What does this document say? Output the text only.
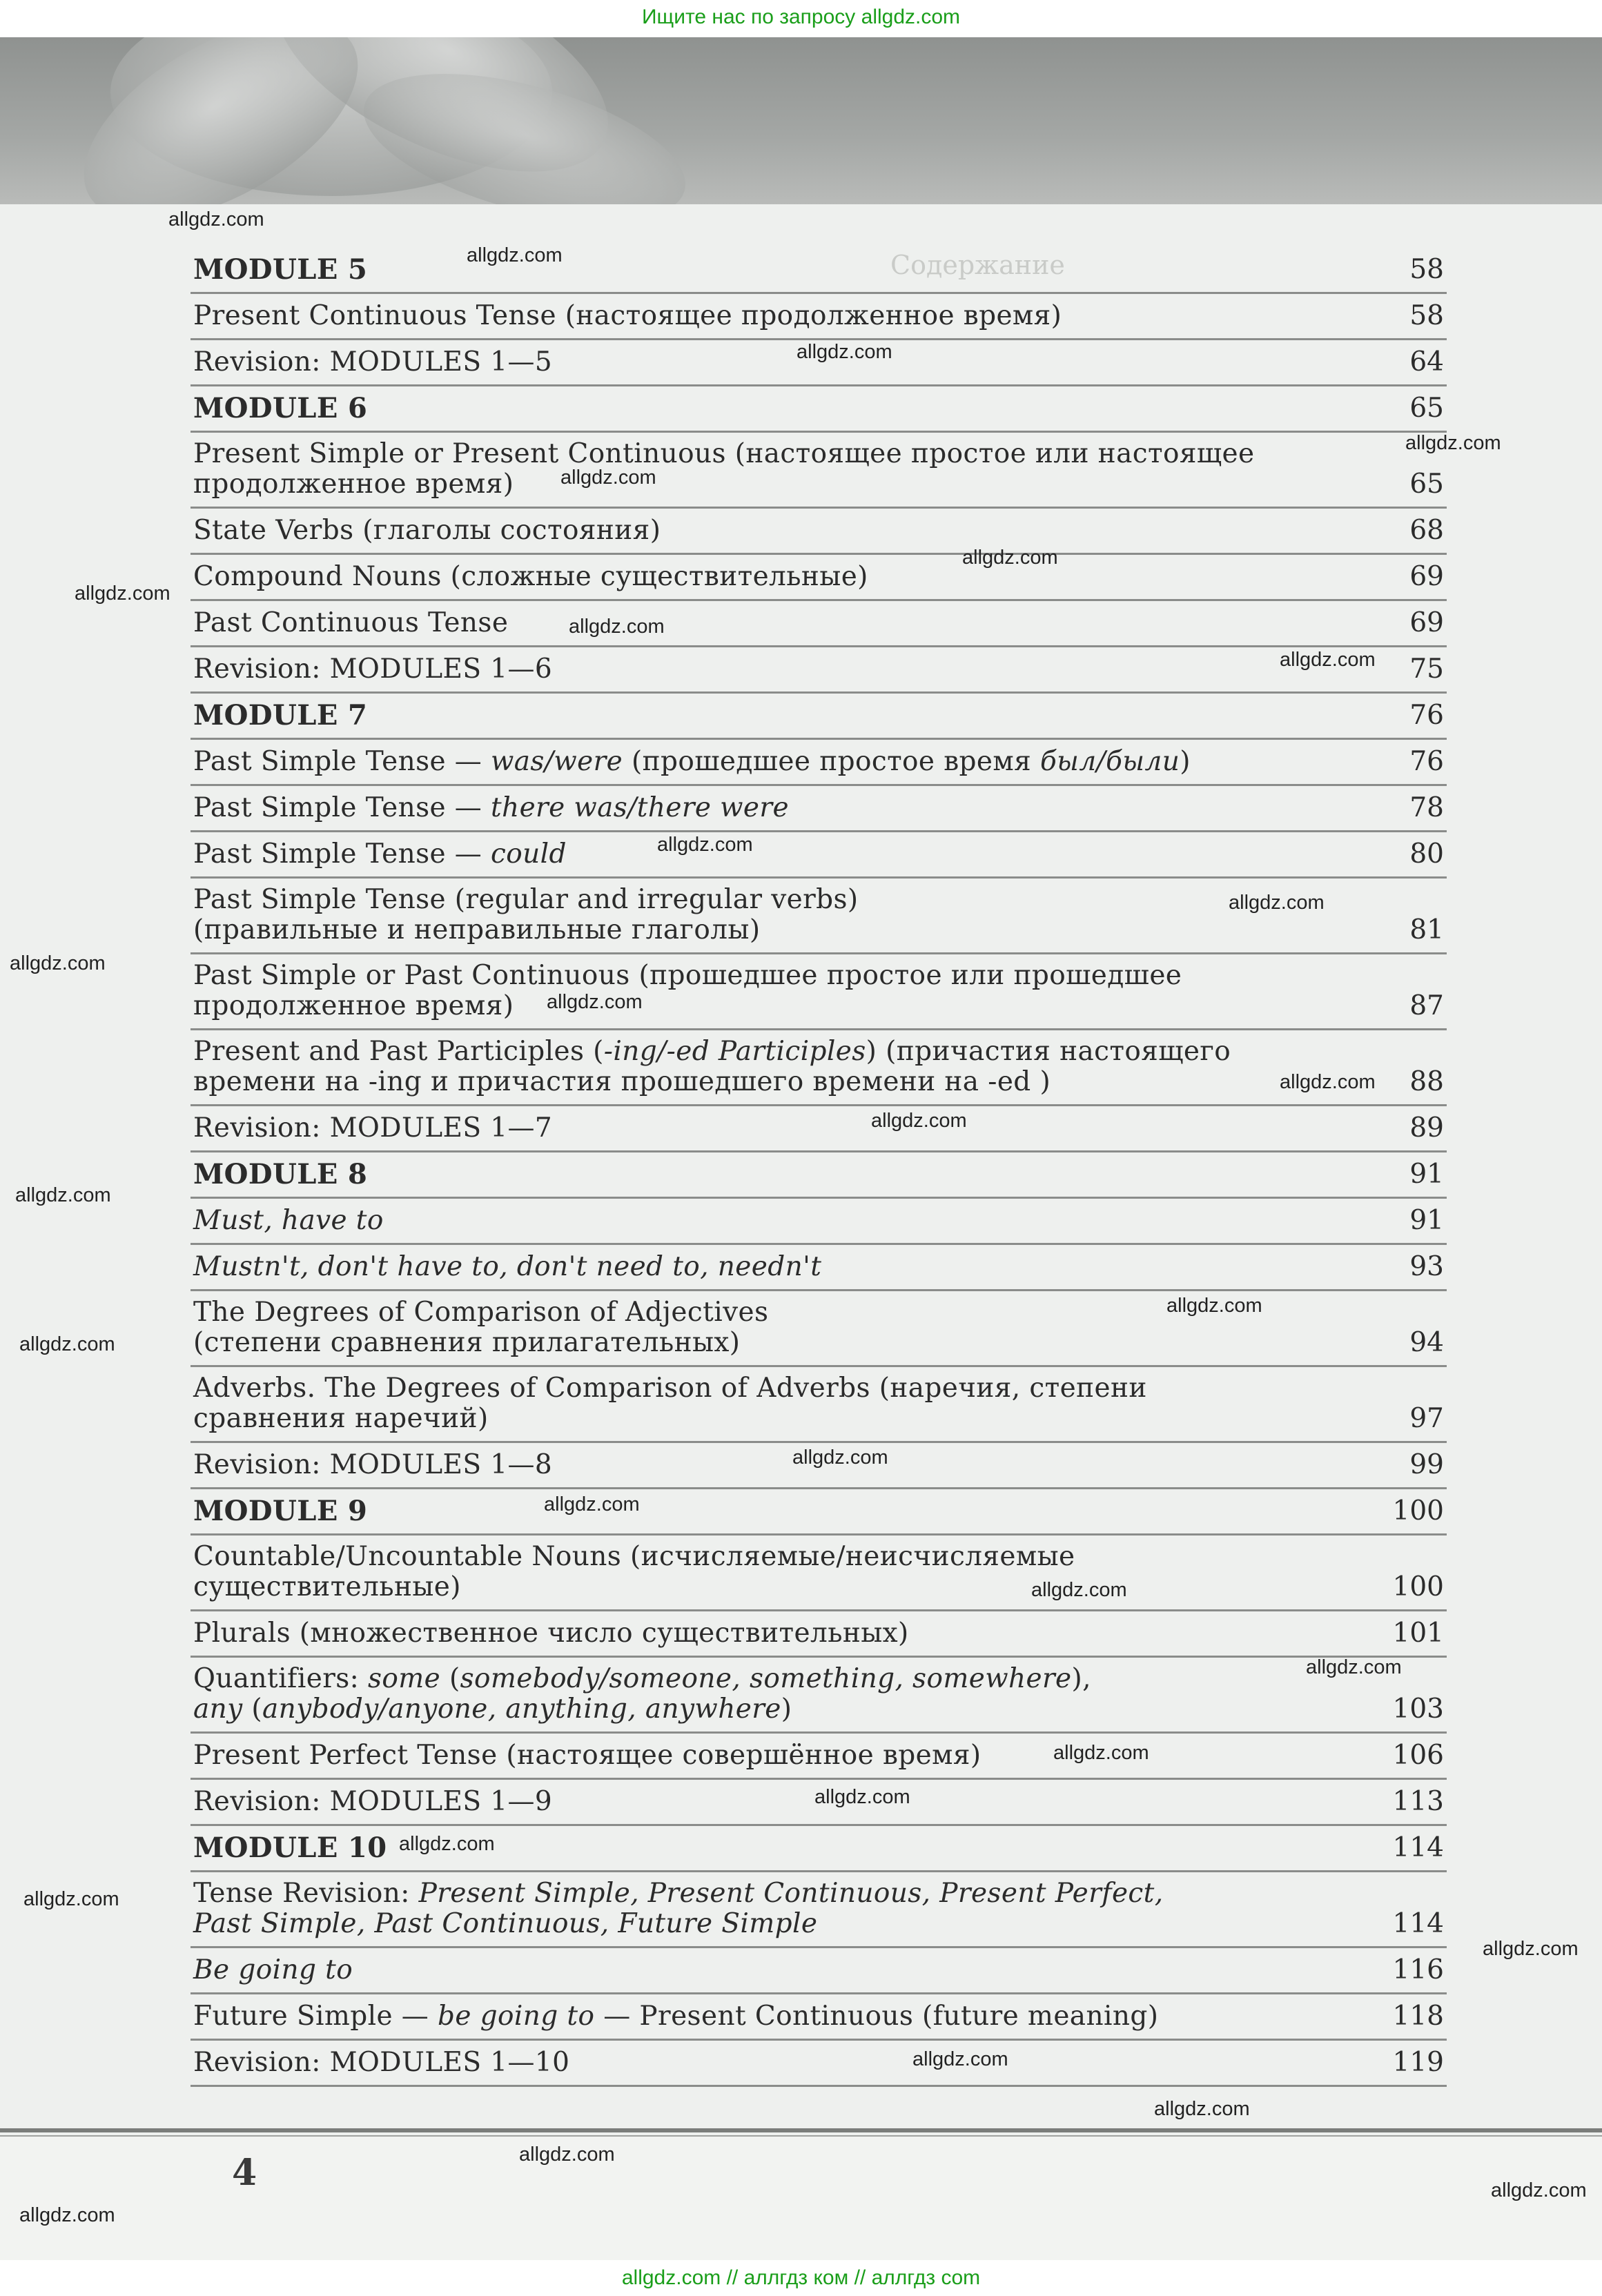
Ищите нас по запросу allgdz.com
Содержание
MODULE 5	58
Present Continuous Tense (настоящее продолженное время)	58
Revision: MODULES 1—5	64
MODULE 6	65
Present Simple or Present Continuous (настоящее простое или настоящее
продолженное время)	65
State Verbs (глаголы состояния)	68
Compound Nouns (сложные существительные)	69
Past Continuous Tense	69
Revision: MODULES 1—6	75
MODULE 7	76
Past Simple Tense — was/were (прошедшее простое время был/были)	76
Past Simple Tense — there was/there were	78
Past Simple Tense — could	80
Past Simple Tense (regular and irregular verbs)
(правильные и неправильные глаголы)	81
Past Simple or Past Continuous (прошедшее простое или прошедшее
продолженное время)	87
Present and Past Participles (-ing/-ed Participles) (причастия настоящего
времени на -ing и причастия прошедшего времени на -ed )	88
Revision: MODULES 1—7	89
MODULE 8	91
Must, have to	91
Mustn't, don't have to, don't need to, needn't	93
The Degrees of Comparison of Adjectives
(степени сравнения прилагательных)	94
Adverbs. The Degrees of Comparison of Adverbs (наречия, степени
сравнения наречий)	97
Revision: MODULES 1—8	99
MODULE 9	100
Countable/Uncountable Nouns (исчисляемые/неисчисляемые
существительные)	100
Plurals (множественное число существительных)	101
Quantifiers: some (somebody/someone, something, somewhere),
any (anybody/anyone, anything, anywhere)	103
Present Perfect Tense (настоящее совершённое время)	106
Revision: MODULES 1—9	113
MODULE 10	114
Tense Revision: Present Simple, Present Continuous, Present Perfect,
Past Simple, Past Continuous, Future Simple	114
Be going to	116
Future Simple — be going to — Present Continuous (future meaning)	118
Revision: MODULES 1—10	119
4
allgdz.com
allgdz.com
allgdz.com
allgdz.com
allgdz.com
allgdz.com
allgdz.com
allgdz.com
allgdz.com
allgdz.com
allgdz.com
allgdz.com
allgdz.com
allgdz.com
allgdz.com
allgdz.com
allgdz.com
allgdz.com
allgdz.com
allgdz.com
allgdz.com
allgdz.com
allgdz.com
allgdz.com
allgdz.com
allgdz.com
allgdz.com
allgdz.com
allgdz.com
allgdz.com
allgdz.com
allgdz.com
allgdz.com // аллгдз ком // аллгдз com
